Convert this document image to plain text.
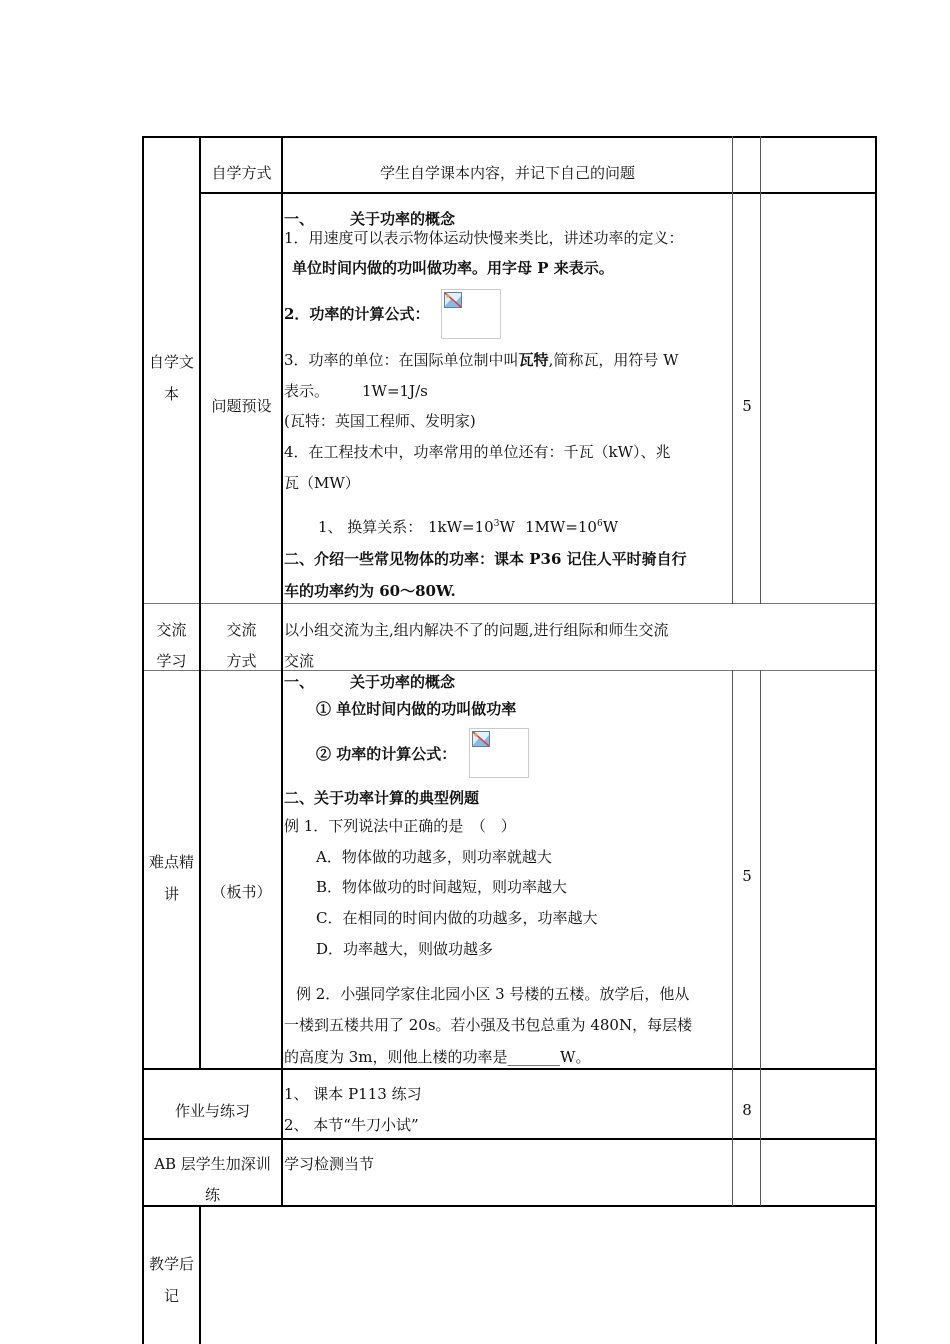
自学文
本
自学方式	学生自学课本内容，并记下自己的问题
问题预设
一、 关于功率的概念
1．用速度可以表示物体运动快慢来类比，讲述功率的定义：
单位时间内做的功叫做功率。用字母 P 来表示。
2．功率的计算公式：
3．功率的单位：在国际单位制中叫瓦特,简称瓦，用符号 W
表示。 1W=1J/s
(瓦特：英国工程师、发明家)
4．在工程技术中，功率常用的单位还有：千瓦（kW）、兆
瓦（MW）
1、 换算关系： $1kW=10^3W$ $1MW=10^6W$
二、介绍一些常见物体的功率：课本 P36 记住人平时骑自行
车的功率约为 60～80W.
5
交流
学习
交流
方式
以小组交流为主,组内解决不了的问题,进行组际和师生交流
交流
难点精
讲	（板书）
一、 关于功率的概念
① 单位时间内做的功叫做功率
② 功率的计算公式：
二、关于功率计算的典型例题
例 1．下列说法中正确的是　（　）
A．物体做的功越多，则功率就越大
B．物体做功的时间越短，则功率越大
C．在相同的时间内做的功越多，功率越大
D．功率越大，则做功越多
例 2．小强同学家住北园小区 3 号楼的五楼。放学后，他从
一楼到五楼共用了 20s。若小强及书包总重为 480N，每层楼
的高度为 3m，则他上楼的功率是_______W。
5
作业与练习
1、 课本 P113 练习
2、 本节“牛刀小试”
8
AB 层学生加深训
练
学习检测当节
教学后
记
